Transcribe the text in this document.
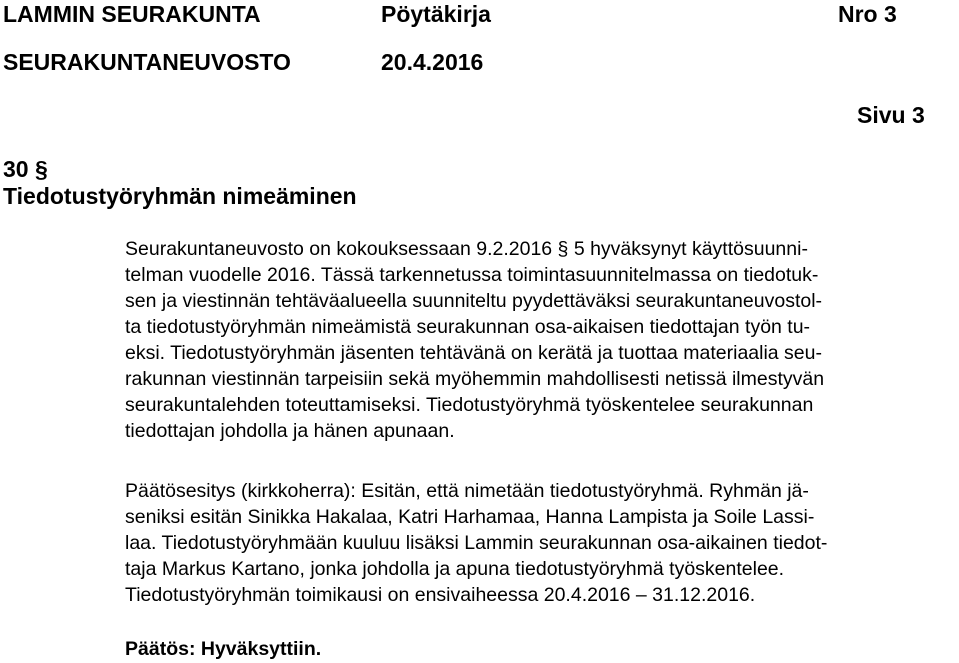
LAMMIN SEURAKUNTA	Pöytäkirja	Nro 3
SEURAKUNTANEUVOSTO	20.4.2016
Sivu 3
30 §
Tiedotustyöryhmän nimeäminen
Seurakuntaneuvosto on kokouksessaan 9.2.2016 § 5 hyväksynyt käyttösuunni-
telman vuodelle 2016. Tässä tarkennetussa toimintasuunnitelmassa on tiedotuk-
sen ja viestinnän tehtäväalueella suunniteltu pyydettäväksi seurakuntaneuvostol-
ta tiedotustyöryhmän nimeämistä seurakunnan osa-aikaisen tiedottajan työn tu-
eksi. Tiedotustyöryhmän jäsenten tehtävänä on kerätä ja tuottaa materiaalia seu-
rakunnan viestinnän tarpeisiin sekä myöhemmin mahdollisesti netissä ilmestyvän
seurakuntalehden toteuttamiseksi. Tiedotustyöryhmä työskentelee seurakunnan
tiedottajan johdolla ja hänen apunaan.
Päätösesitys (kirkkoherra): Esitän, että nimetään tiedotustyöryhmä. Ryhmän jä-
seniksi esitän Sinikka Hakalaa, Katri Harhamaa, Hanna Lampista ja Soile Lassi-
laa. Tiedotustyöryhmään kuuluu lisäksi Lammin seurakunnan osa-aikainen tiedot-
taja Markus Kartano, jonka johdolla ja apuna tiedotustyöryhmä työskentelee.
Tiedotustyöryhmän toimikausi on ensivaiheessa 20.4.2016 – 31.12.2016.
Päätös: Hyväksyttiin.
